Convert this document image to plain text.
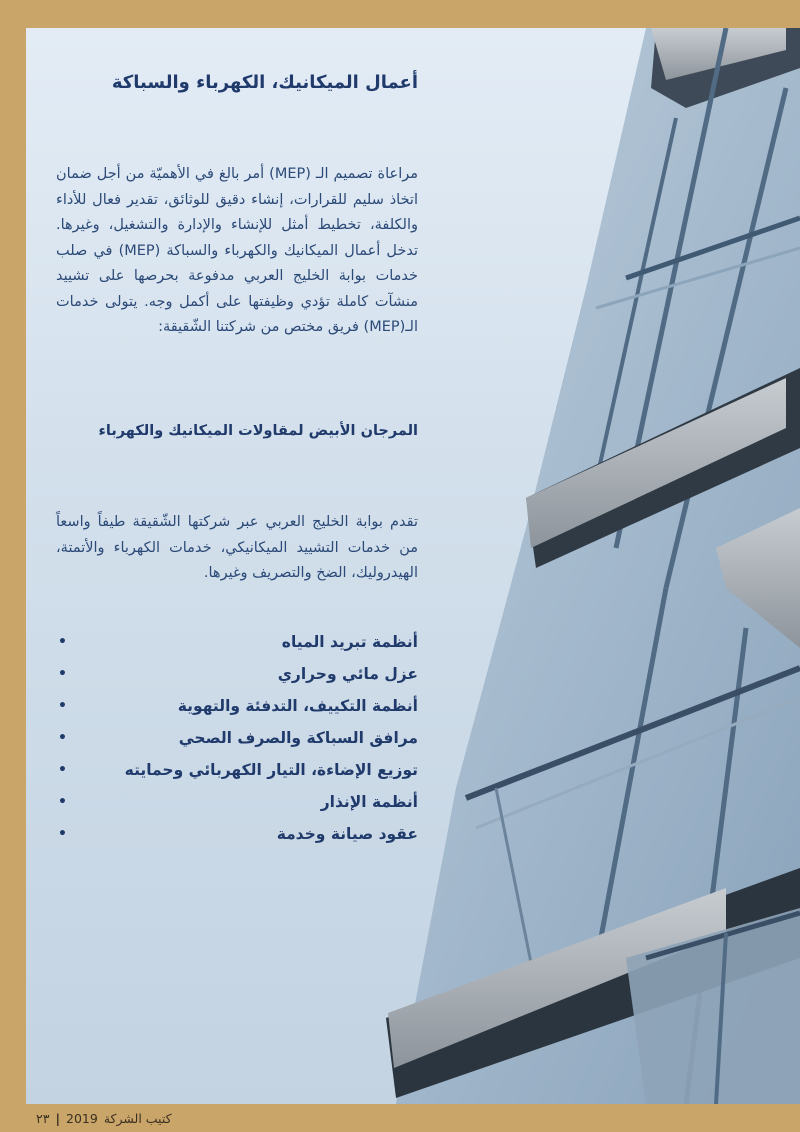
أعمال الميكانيك، الكهرباء والسباكة

مراعاة تصميم الـ (MEP) أمر بالغ في الأهميّة من أجل ضمان اتخاذ سليم للقرارات، إنشاء دقيق للوثائق، تقدير فعال للأداء والكلفة، تخطيط أمثل للإنشاء والإدارة والتشغيل، وغيرها. تدخل أعمال الميكانيك والكهرباء والسباكة (MEP) في صلب خدمات بوابة الخليج العربي مدفوعة بحرصها على تشييد منشآت كاملة تؤدي وظيفتها على أكمل وجه. يتولى خدمات الـ(MEP) فريق مختص من شركتنا الشّقيقة:

المرجان الأبيض لمقاولات الميكانيك والكهرباء

تقدم بوابة الخليج العربي عبر شركتها الشّقيقة طيفاً واسعاً من خدمات التشييد الميكانيكي، خدمات الكهرباء والأتمتة، الهيدروليك، الضخ والتصريف وغيرها.

أنظمة تبريد المياه
•
عزل مائي وحراري
•
أنظمة التكييف، التدفئة والتهوية
•
مرافق السباكة والصرف الصحي
•
توزيع الإضاءة، التيار الكهربائي وحمايته
•
أنظمة الإنذار
•
عقود صيانة وخدمة
•
٢٣ | 2019 كتيب الشركة
